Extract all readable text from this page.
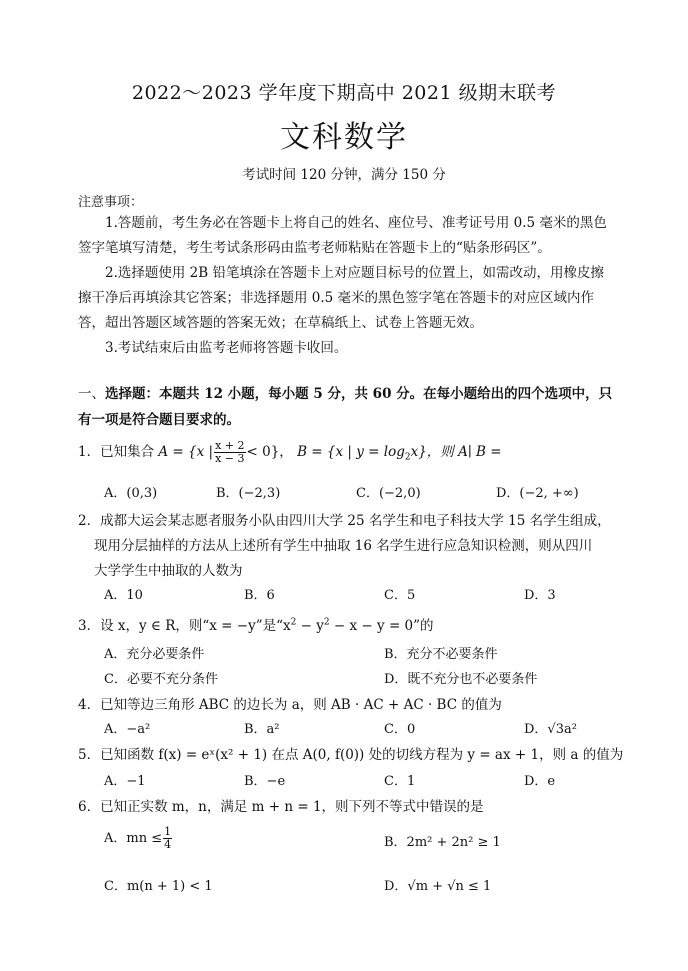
2022～2023 学年度下期高中 2021 级期末联考
文科数学
考试时间 120 分钟，满分 150 分
注意事项：
1.答题前，考生务必在答题卡上将自己的姓名、座位号、准考证号用 0.5 毫米的黑色签字笔填写清楚，考生考试条形码由监考老师粘贴在答题卡上的“贴条形码区”。
2.选择题使用 2B 铅笔填涂在答题卡上对应题目标号的位置上，如需改动，用橡皮擦擦干净后再填涂其它答案；非选择题用 0.5 毫米的黑色签字笔在答题卡的对应区域内作答，超出答题区域答题的答案无效；在草稿纸上、试卷上答题无效。
3.考试结束后由监考老师将答题卡收回。
一、选择题：本题共 12 小题，每小题 5 分，共 60 分。在每小题给出的四个选项中，只有一项是符合题目要求的。
1．已知集合 A = {x | $\frac{x + 2}{x - 3} < 0$}， B = {x | $y = \log_2x$}，则 A∣ B =
A．(0,3)	B．(−2,3)	C．(−2,0)	D．(−2, +∞)
2．成都大运会某志愿者服务小队由四川大学 25 名学生和电子科技大学 15 名学生组成，
现用分层抽样的方法从上述所有学生中抽取 16 名学生进行应急知识检测，则从四川
大学学生中抽取的人数为
A．10	B．6	C．5	D．3
3．设 x，y ∈ R，则“x = −y”是“$x^2 - y^2 - x - y = 0$”的
A．充分必要条件	B．充分不必要条件
C．必要不充分条件	D．既不充分也不必要条件
4．已知等边三角形 ABC 的边长为 a，则 AB · AC + AC · BC 的值为
A．−a²	B．a²	C．0	D．√3a²
5．已知函数 f(x) = eˣ(x² + 1) 在点 A(0, f(0)) 处的切线方程为 y = ax + 1，则 a 的值为
A．−1	B．−e	C．1	D．e
6．已知正实数 m，n，满足 m + n = 1，则下列不等式中错误的是
A．mn ≤ $\frac{1}{4}$	B．2m² + 2n² ≥ 1
C．m(n + 1) < 1	D．√m + √n ≤ 1
